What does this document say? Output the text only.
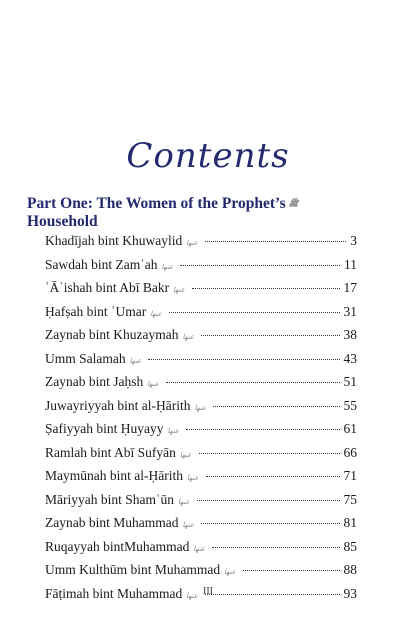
Contents
Part One: The Women of the Prophet’s ﷺ
Household
Khadījah bint Khuwaylid عنها	3
Sawdah bint Zamʿah عنها	11
ʿĀʾishah bint Abī Bakr عنها	17
Ḥafṣah bint ʿUmar عنها	31
Zaynab bint Khuzaymah عنها	38
Umm Salamah عنها	43
Zaynab bint Jaḥsh عنها	51
Juwayriyyah bint al-Ḥārith عنها	55
Ṣafiyyah bint Ḥuyayy عنها	61
Ramlah bint Abī Sufyān عنها	66
Maymūnah bint al-Ḥārith عنها	71
Māriyyah bint Shamʿūn عنها	75
Zaynab bint Muhammad عنها	81
Ruqayyah bintMuhammad عنها	85
Umm Kulthūm bint Muhammad عنها	88
Fāṭimah bint Muhammad عنها	93
III
